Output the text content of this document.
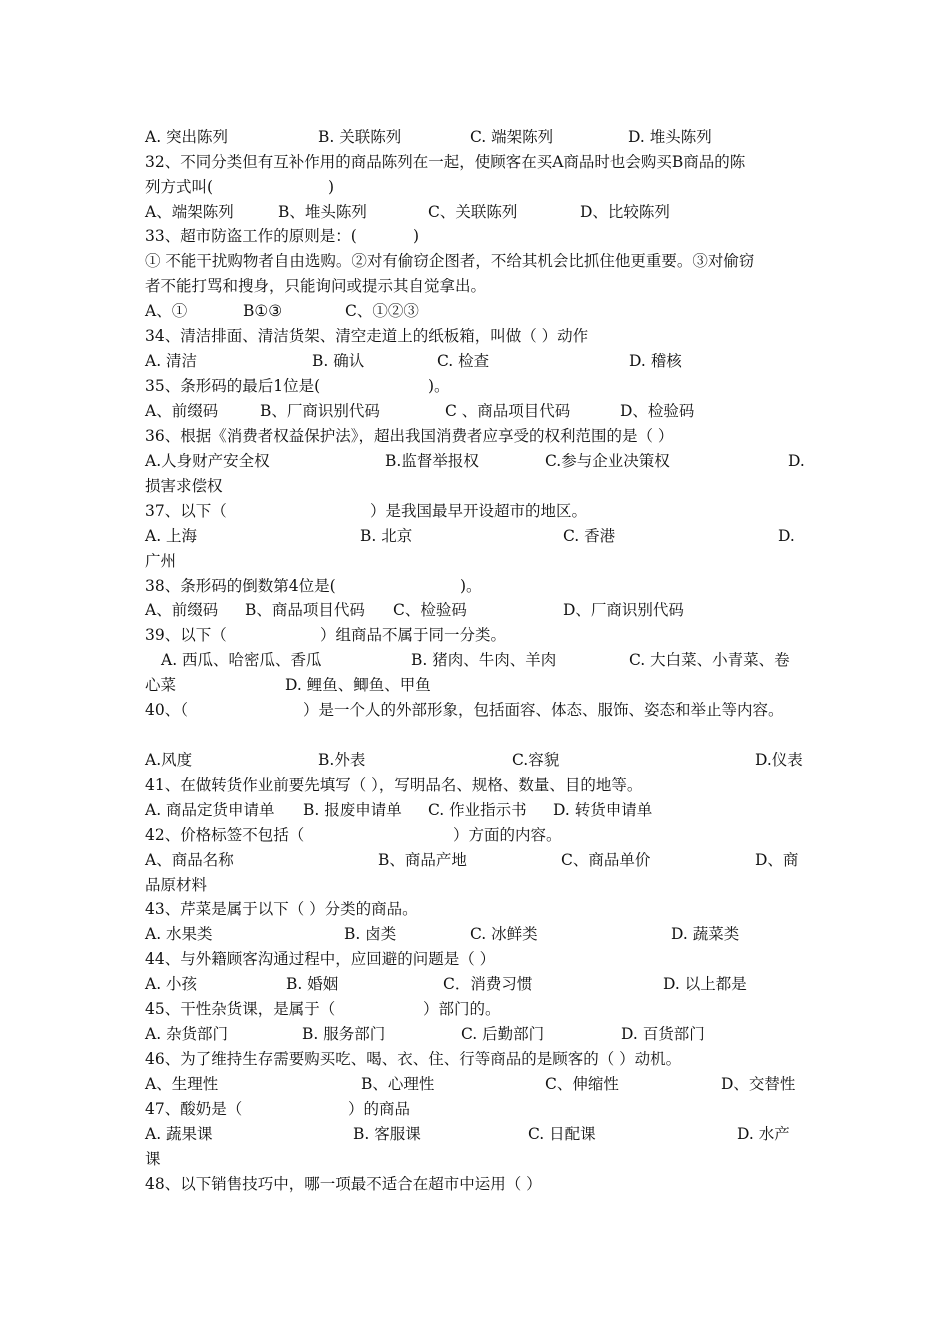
A. 突出陈列	B. 关联陈列	C. 端架陈列	D. 堆头陈列
32、不同分类但有互补作用的商品陈列在一起，使顾客在买A商品时也会购买B商品的陈
列方式叫(	)
A、端架陈列	B、堆头陈列	C、关联陈列	D、比较陈列
33、超市防盗工作的原则是：(	)
① 不能干扰购物者自由选购。②对有偷窃企图者，不给其机会比抓住他更重要。③对偷窃
者不能打骂和搜身，只能询问或提示其自觉拿出。
A、①	B①③	C、①②③
34、清洁排面、清洁货架、清空走道上的纸板箱，叫做（ ）动作
A. 清洁	B. 确认	C. 检查	D. 稽核
35、条形码的最后1位是(	)。
A、前缀码	B、厂商识别代码	C 、商品项目代码	D、检验码
36、根据《消费者权益保护法》，超出我国消费者应享受的权利范围的是（ ）
A.人身财产安全权	B.监督举报权	C.参与企业决策权	D.
损害求偿权
37、以下（	）是我国最早开设超市的地区。
A. 上海	B. 北京	C. 香港	D.
广州
38、条形码的倒数第4位是(	)。
A、前缀码 B、商品项目代码 C、检验码	D、厂商识别代码
39、以下（	）组商品不属于同一分类。
A. 西瓜、哈密瓜、香瓜	B. 猪肉、牛肉、羊肉	C. 大白菜、小青菜、卷
心菜	D. 鲤鱼、鲫鱼、甲鱼
40、（	）是一个人的外部形象，包括面容、体态、服饰、姿态和举止等内容。
A.风度	B.外表	C.容貌	D.仪表
41、在做转货作业前要先填写（ ），写明品名、规格、数量、目的地等。
A. 商品定货申请单 B. 报废申请单 C. 作业指示书 D. 转货申请单
42、价格标签不包括（	）方面的内容。
A、商品名称	B、商品产地	C、商品单价	D、商
品原材料
43、芹菜是属于以下（ ）分类的商品。
A. 水果类	B. 卤类	C. 冰鲜类	D. 蔬菜类
44、与外籍顾客沟通过程中，应回避的问题是（ ）
A. 小孩	B. 婚姻	C．消费习惯	D. 以上都是
45、干性杂货课，是属于（	）部门的。
A. 杂货部门	B. 服务部门	C. 后勤部门	D. 百货部门
46、为了维持生存需要购买吃、喝、衣、住、行等商品的是顾客的（ ）动机。
A、生理性	B、心理性	C、伸缩性	D、交替性
47、酸奶是（	）的商品
A. 蔬果课	B. 客服课	C. 日配课	D. 水产
课
48、以下销售技巧中，哪一项最不适合在超市中运用（ ）
